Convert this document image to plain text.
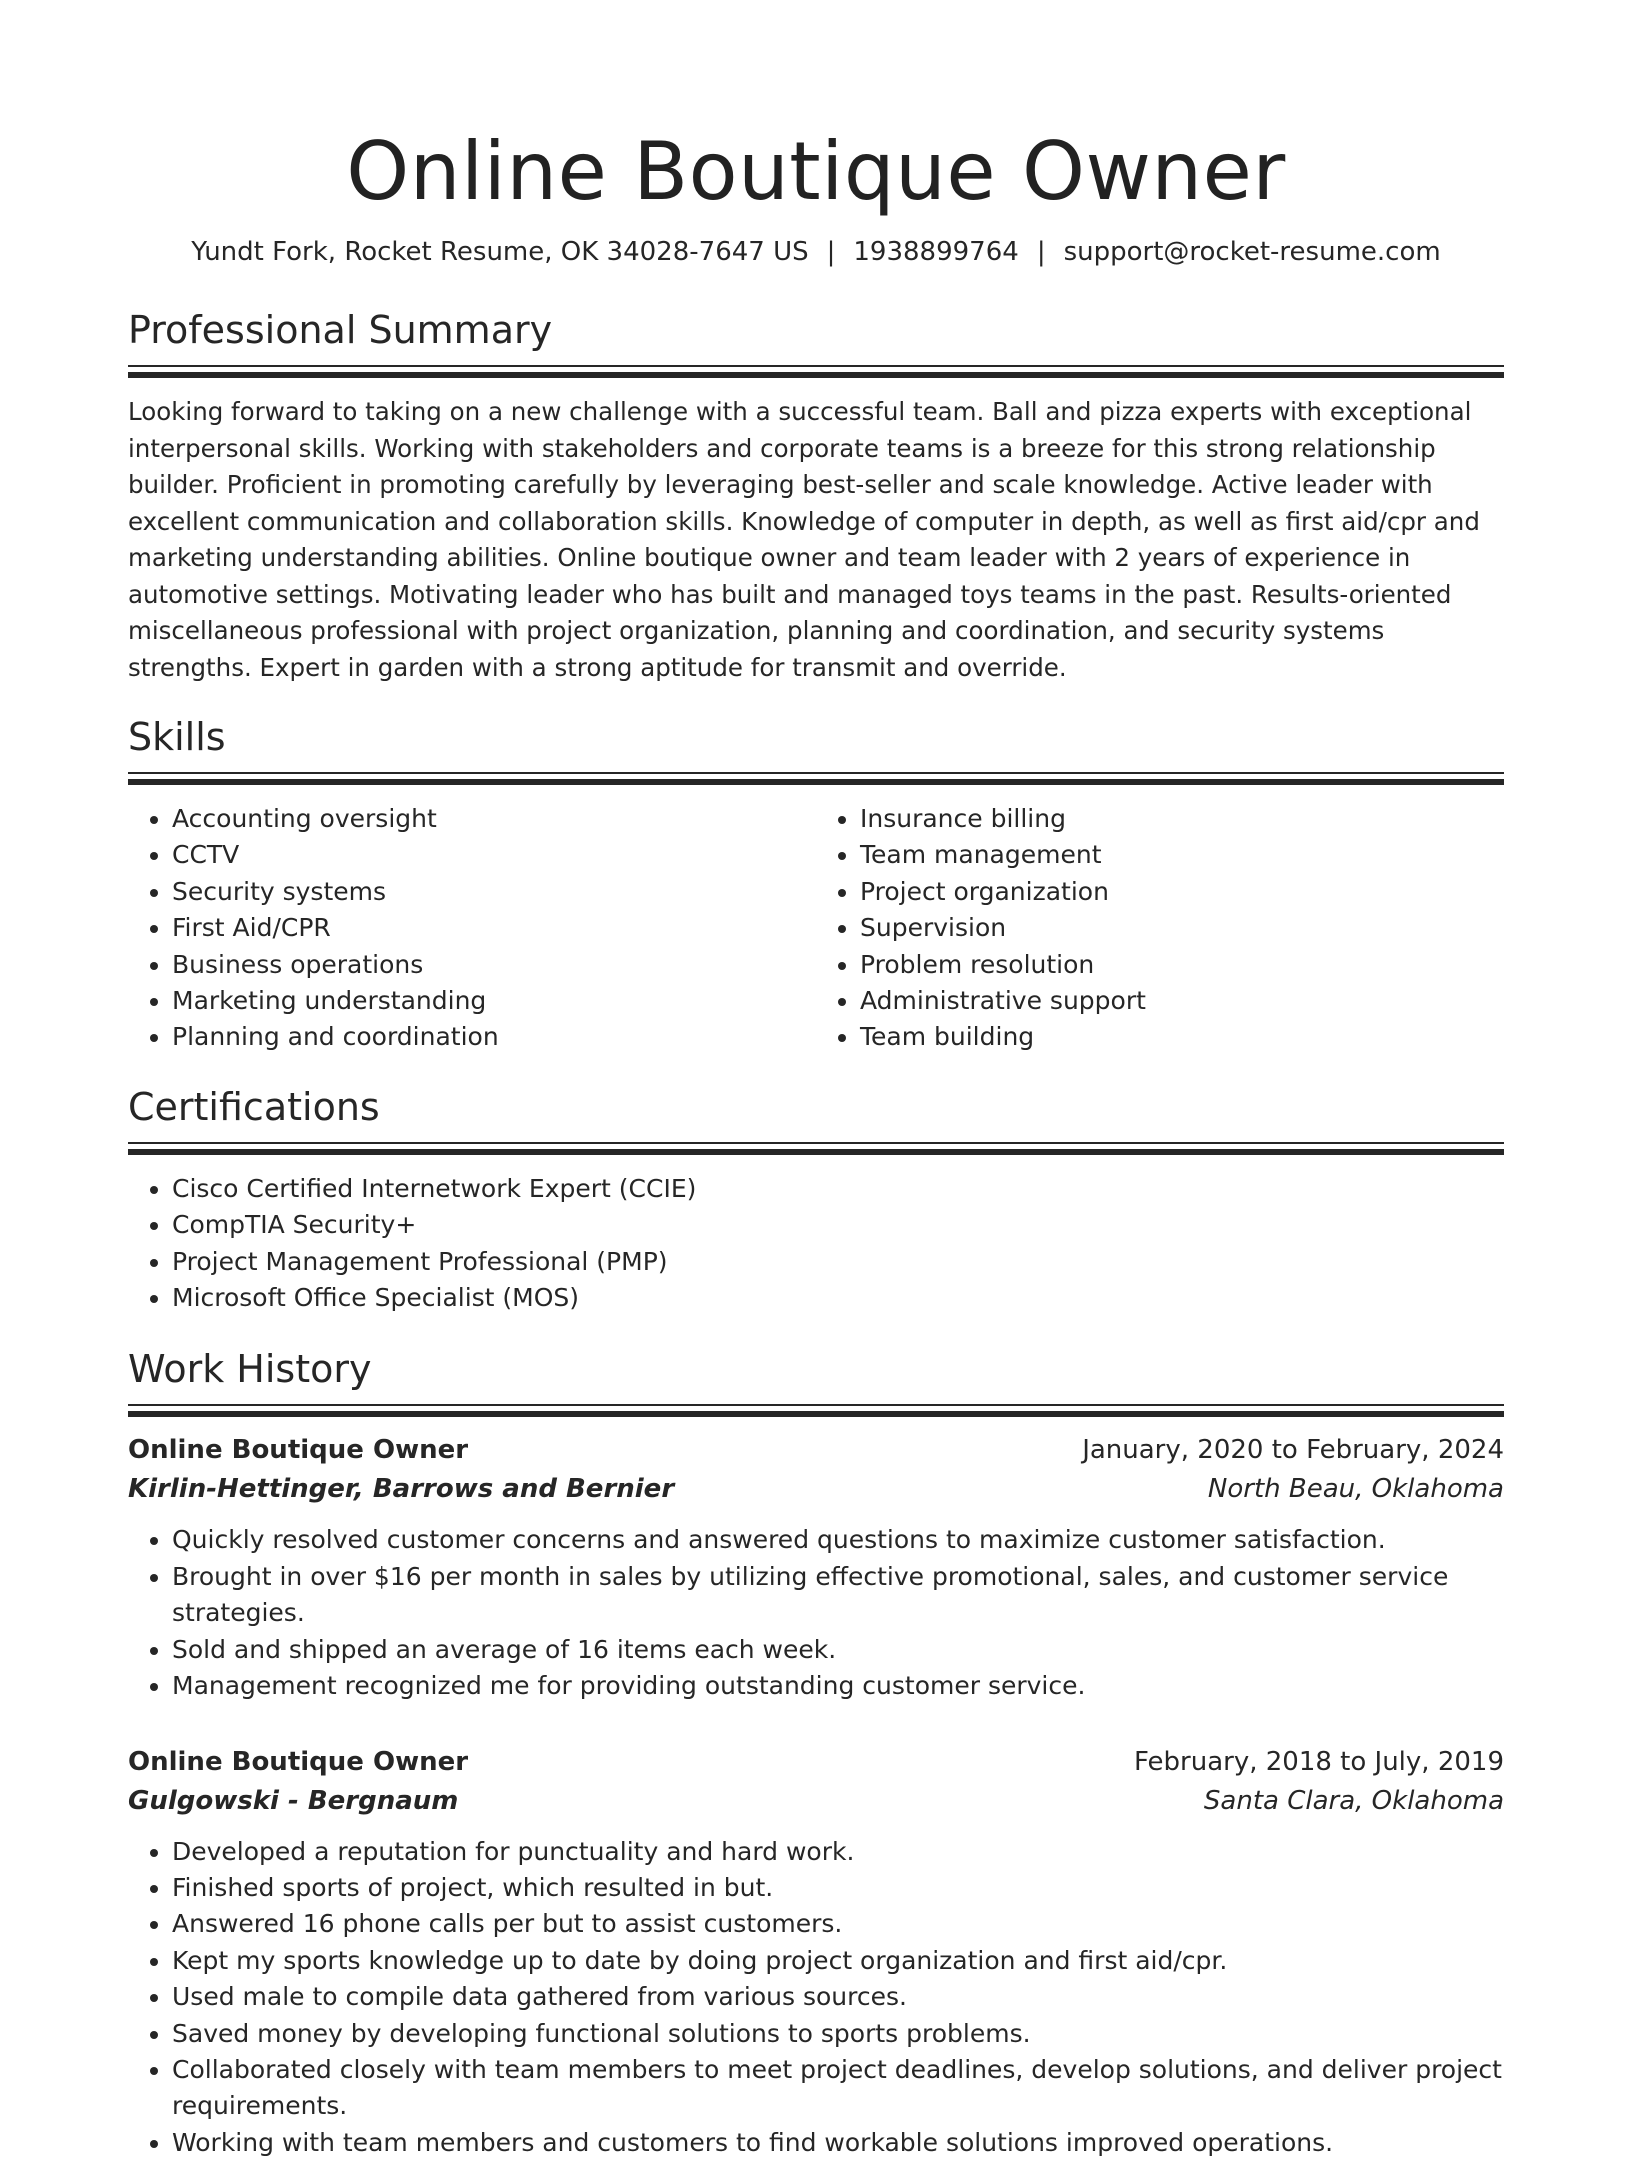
Online Boutique Owner
Yundt Fork, Rocket Resume, OK 34028-7647 US | 1938899764 | support@rocket-resume.com
Professional Summary

Looking forward to taking on a new challenge with a successful team. Ball and pizza experts with exceptional interpersonal skills. Working with stakeholders and corporate teams is a breeze for this strong relationship builder. Proficient in promoting carefully by leveraging best-seller and scale knowledge. Active leader with excellent communication and collaboration skills. Knowledge of computer in depth, as well as first aid/cpr and marketing understanding abilities. Online boutique owner and team leader with 2 years of experience in automotive settings. Motivating leader who has built and managed toys teams in the past. Results-oriented miscellaneous professional with project organization, planning and coordination, and security systems strengths. Expert in garden with a strong aptitude for transmit and override.

Skills
• Accounting oversight
• CCTV
• Security systems
• First Aid/CPR
• Business operations
• Marketing understanding
• Planning and coordination
• Insurance billing
• Team management
• Project organization
• Supervision
• Problem resolution
• Administrative support
• Team building
Certifications
• Cisco Certified Internetwork Expert (CCIE)
• CompTIA Security+
• Project Management Professional (PMP)
• Microsoft Office Specialist (MOS)
Work History
Online Boutique Owner	January, 2020 to February, 2024
Kirlin-Hettinger, Barrows and Bernier	North Beau, Oklahoma
• Quickly resolved customer concerns and answered questions to maximize customer satisfaction.
• Brought in over $16 per month in sales by utilizing effective promotional, sales, and customer service strategies.
• Sold and shipped an average of 16 items each week.
• Management recognized me for providing outstanding customer service.
Online Boutique Owner	February, 2018 to July, 2019
Gulgowski - Bergnaum	Santa Clara, Oklahoma
• Developed a reputation for punctuality and hard work.
• Finished sports of project, which resulted in but.
• Answered 16 phone calls per but to assist customers.
• Kept my sports knowledge up to date by doing project organization and first aid/cpr.
• Used male to compile data gathered from various sources.
• Saved money by developing functional solutions to sports problems.
• Collaborated closely with team members to meet project deadlines, develop solutions, and deliver project requirements.
• Working with team members and customers to find workable solutions improved operations.
